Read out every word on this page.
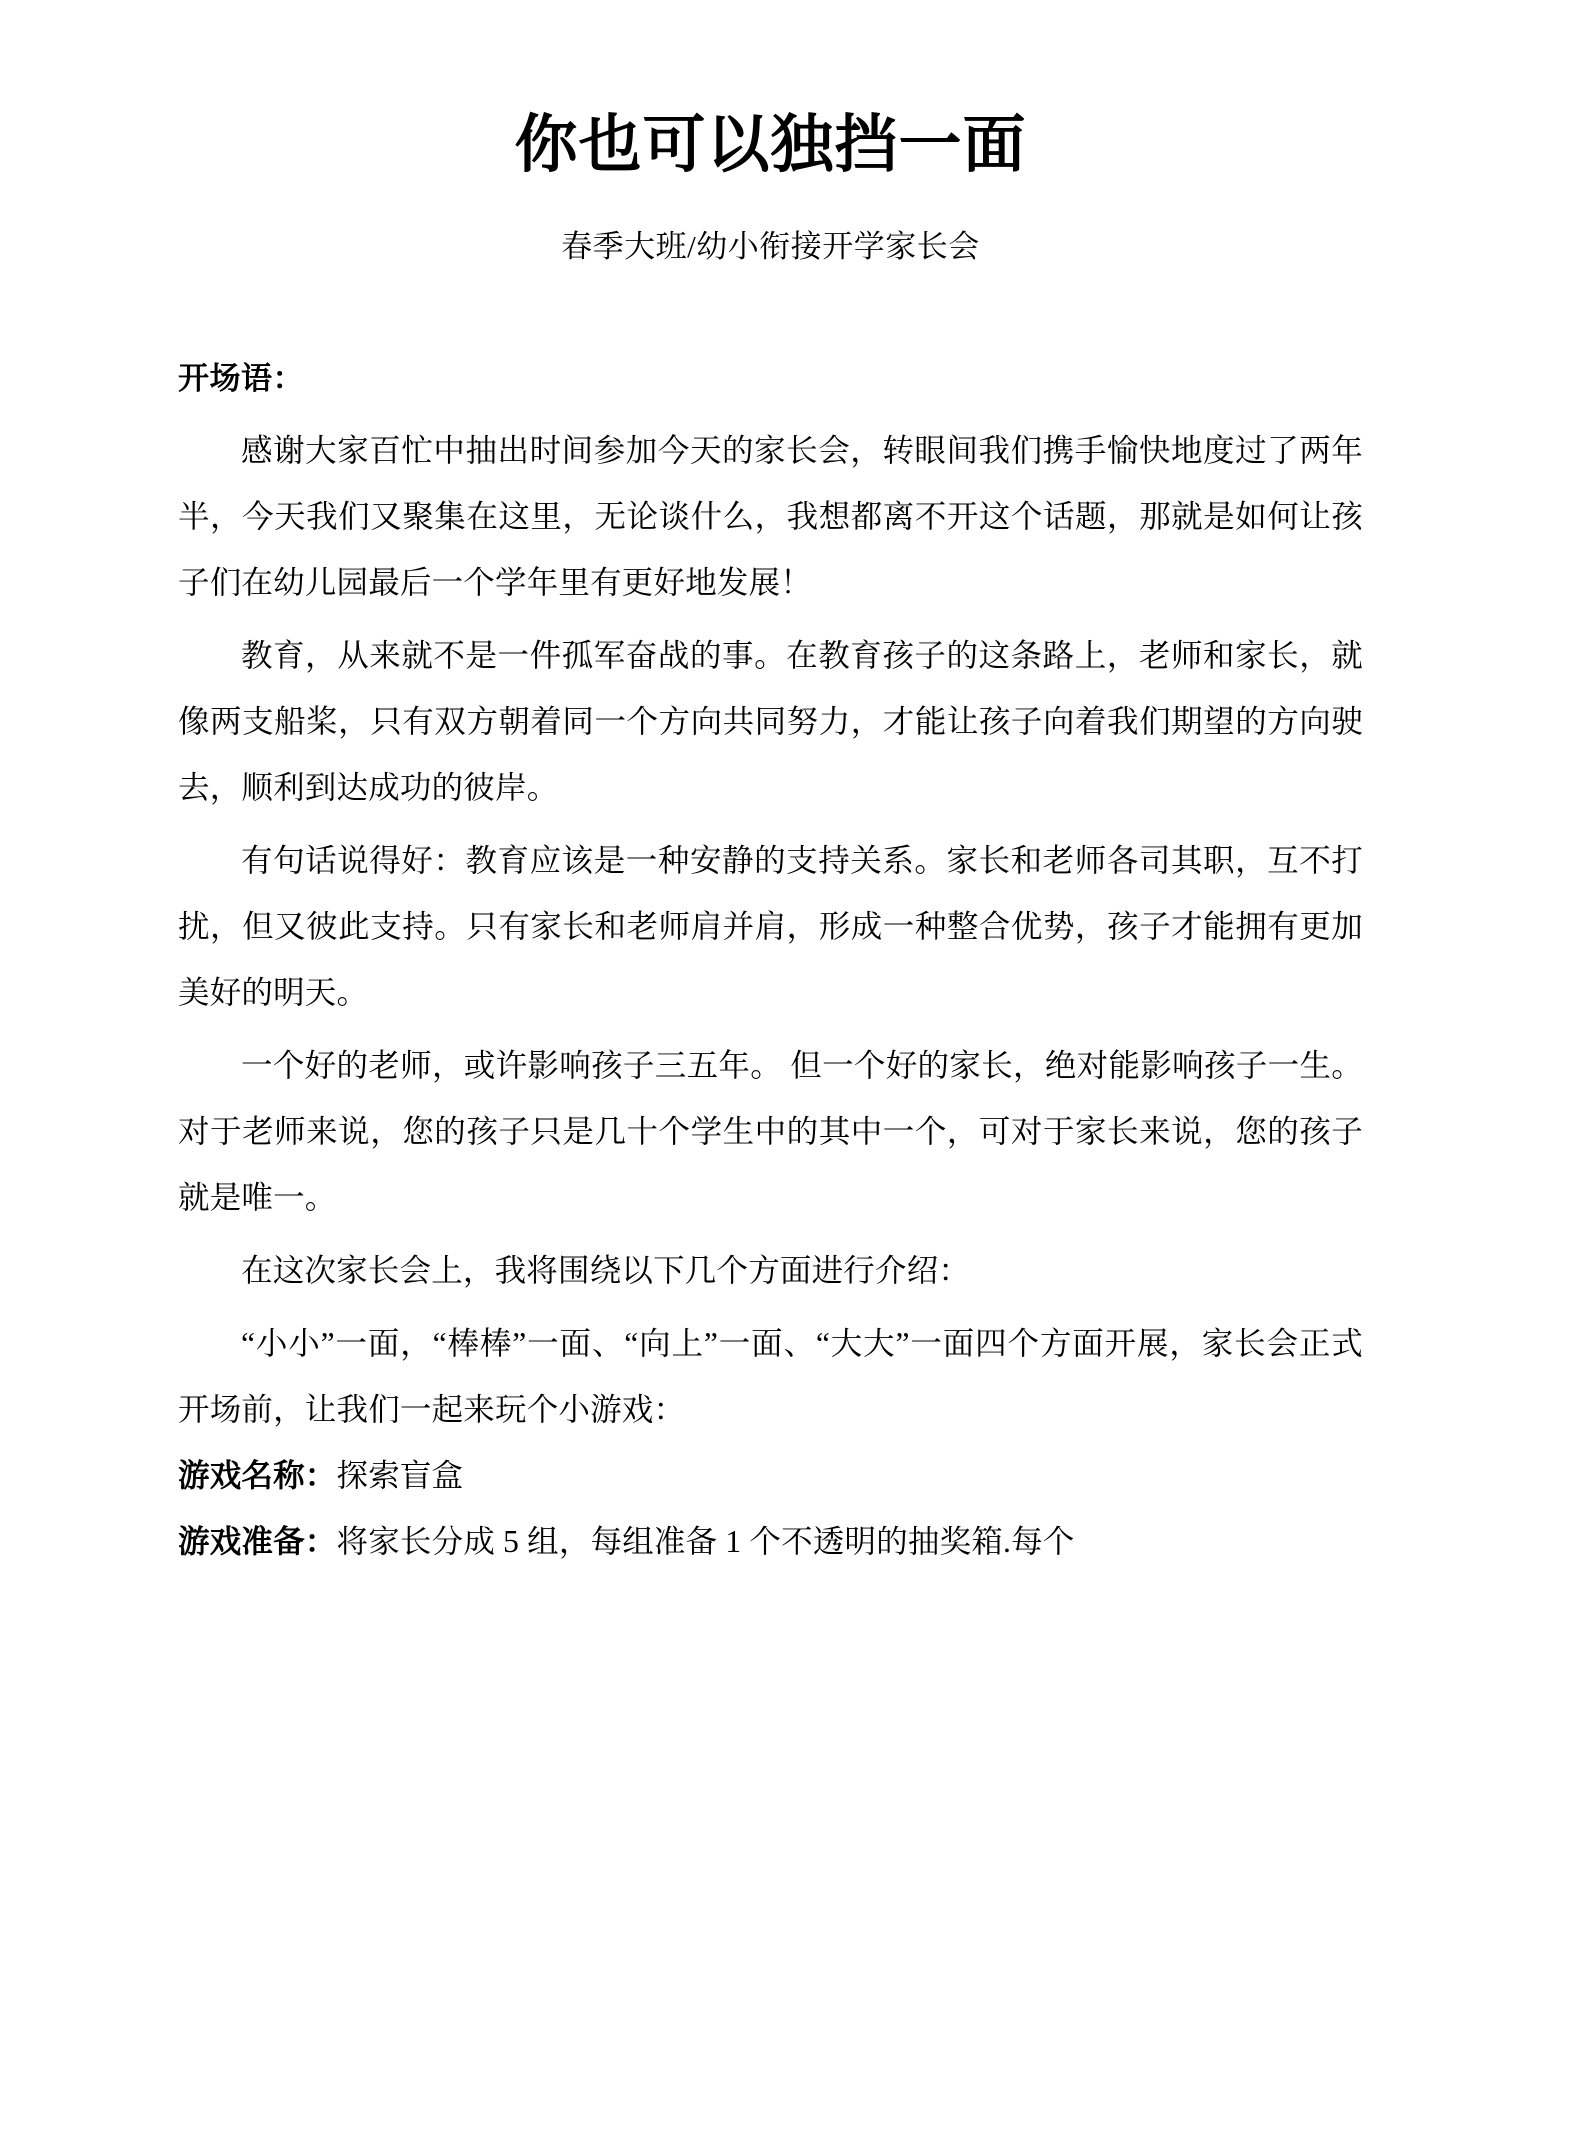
你也可以独挡一面

春季大班/幼小衔接开学家长会

开场语：

感谢大家百忙中抽出时间参加今天的家长会，转眼间我们携手愉快地度过了两年半，今天我们又聚集在这里，无论谈什么，我想都离不开这个话题，那就是如何让孩子们在幼儿园最后一个学年里有更好地发展！

教育，从来就不是一件孤军奋战的事。在教育孩子的这条路上，老师和家长，就像两支船桨，只有双方朝着同一个方向共同努力，才能让孩子向着我们期望的方向驶去，顺利到达成功的彼岸。

有句话说得好：教育应该是一种安静的支持关系。家长和老师各司其职，互不打扰，但又彼此支持。只有家长和老师肩并肩，形成一种整合优势，孩子才能拥有更加美好的明天。

一个好的老师，或许影响孩子三五年。 但一个好的家长，绝对能影响孩子一生。对于老师来说，您的孩子只是几十个学生中的其中一个，可对于家长来说，您的孩子就是唯一。

在这次家长会上，我将围绕以下几个方面进行介绍：

“小小”一面，“棒棒”一面、“向上”一面、“大大”一面四个方面开展，家长会正式开场前，让我们一起来玩个小游戏：

游戏名称：探索盲盒

游戏准备：将家长分成 5 组，每组准备 1 个不透明的抽奖箱.每个
